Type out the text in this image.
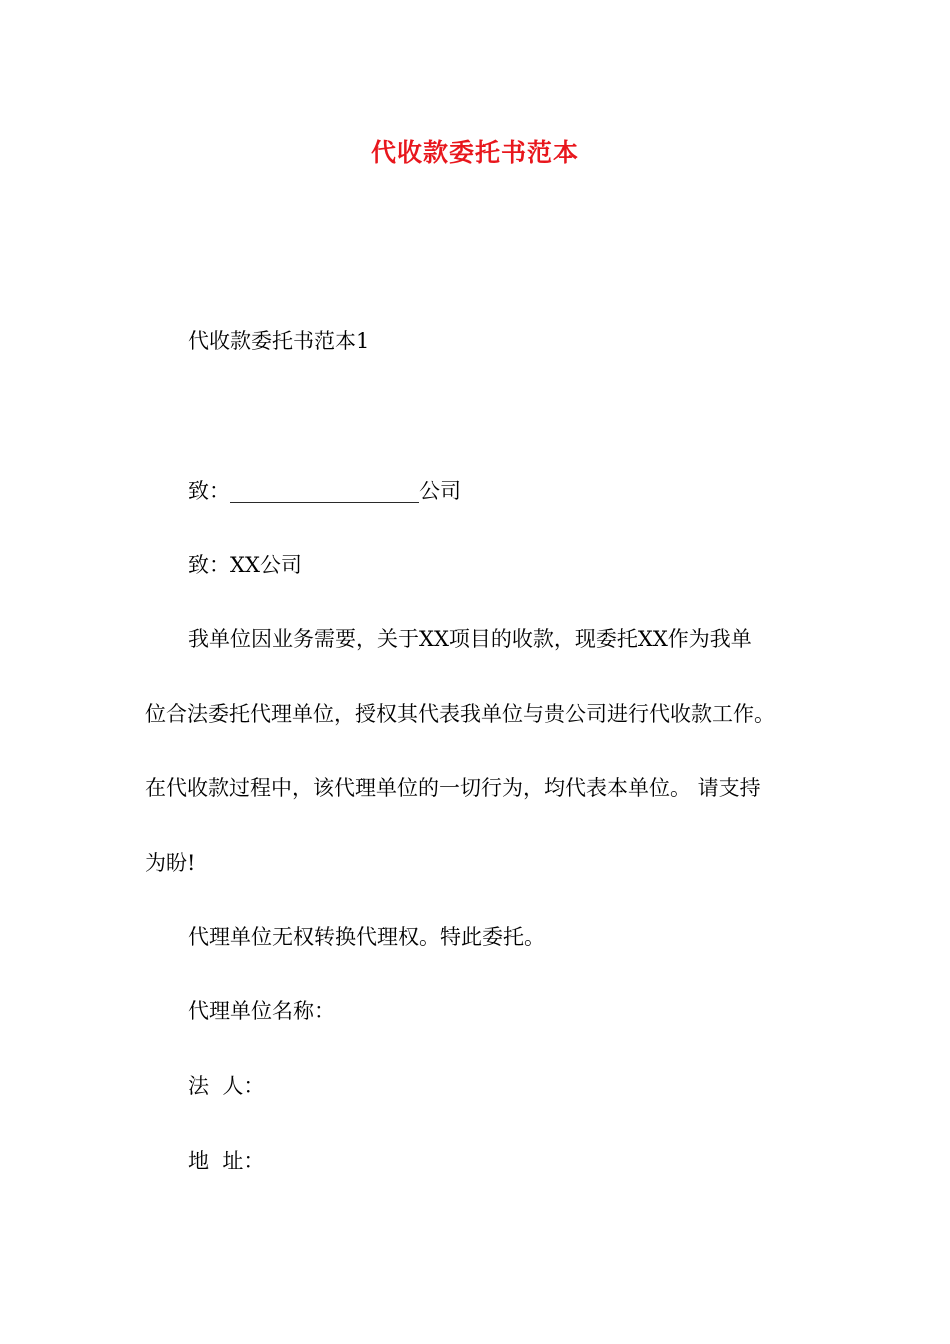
代收款委托书范本
代收款委托书范本1
致：__________________公司
致：XX公司
我单位因业务需要，关于XX项目的收款，现委托XX作为我单
位合法委托代理单位，授权其代表我单位与贵公司进行代收款工作。
在代收款过程中，该代理单位的一切行为，均代表本单位。 请支持
为盼!
代理单位无权转换代理权。特此委托。
代理单位名称：
法  人：
地  址：
